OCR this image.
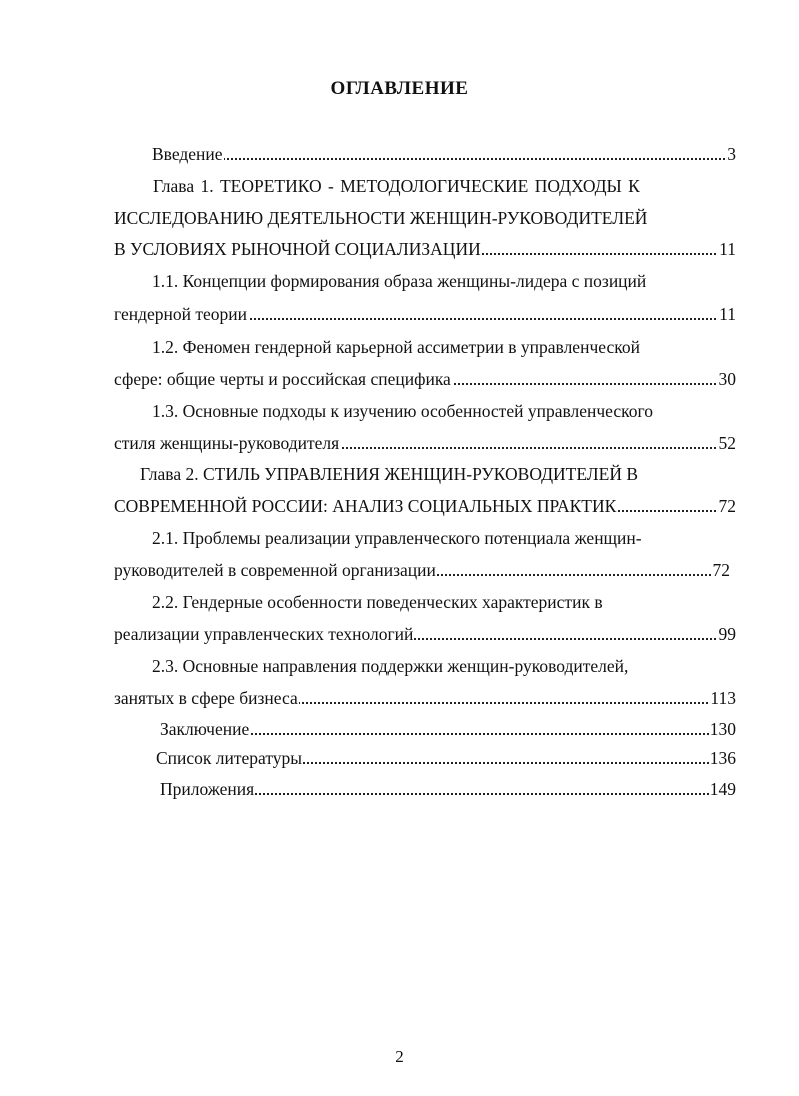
ОГЛАВЛЕНИЕ
Введение	3
Глава 1. ТЕОРЕТИКО - МЕТОДОЛОГИЧЕСКИЕ ПОДХОДЫ К
ИССЛЕДОВАНИЮ ДЕЯТЕЛЬНОСТИ ЖЕНЩИН-РУКОВОДИТЕЛЕЙ
В УСЛОВИЯХ РЫНОЧНОЙ СОЦИАЛИЗАЦИИ	11
1.1. Концепции формирования образа женщины-лидера с позиций
гендерной теории	11
1.2. Феномен гендерной карьерной ассиметрии в управленческой
сфере: общие черты и российская специфика	30
1.3. Основные подходы к изучению особенностей управленческого
стиля женщины-руководителя	52
Глава 2. СТИЛЬ УПРАВЛЕНИЯ ЖЕНЩИН-РУКОВОДИТЕЛЕЙ В
СОВРЕМЕННОЙ РОССИИ: АНАЛИЗ СОЦИАЛЬНЫХ ПРАКТИК	72
2.1. Проблемы реализации управленческого потенциала женщин-
руководителей в современной организации	72
2.2. Гендерные особенности поведенческих характеристик в
реализации управленческих технологий	99
2.3. Основные направления поддержки женщин-руководителей,
занятых в сфере бизнеса	113
Заключение	130
Список литературы	136
Приложения	149
2
